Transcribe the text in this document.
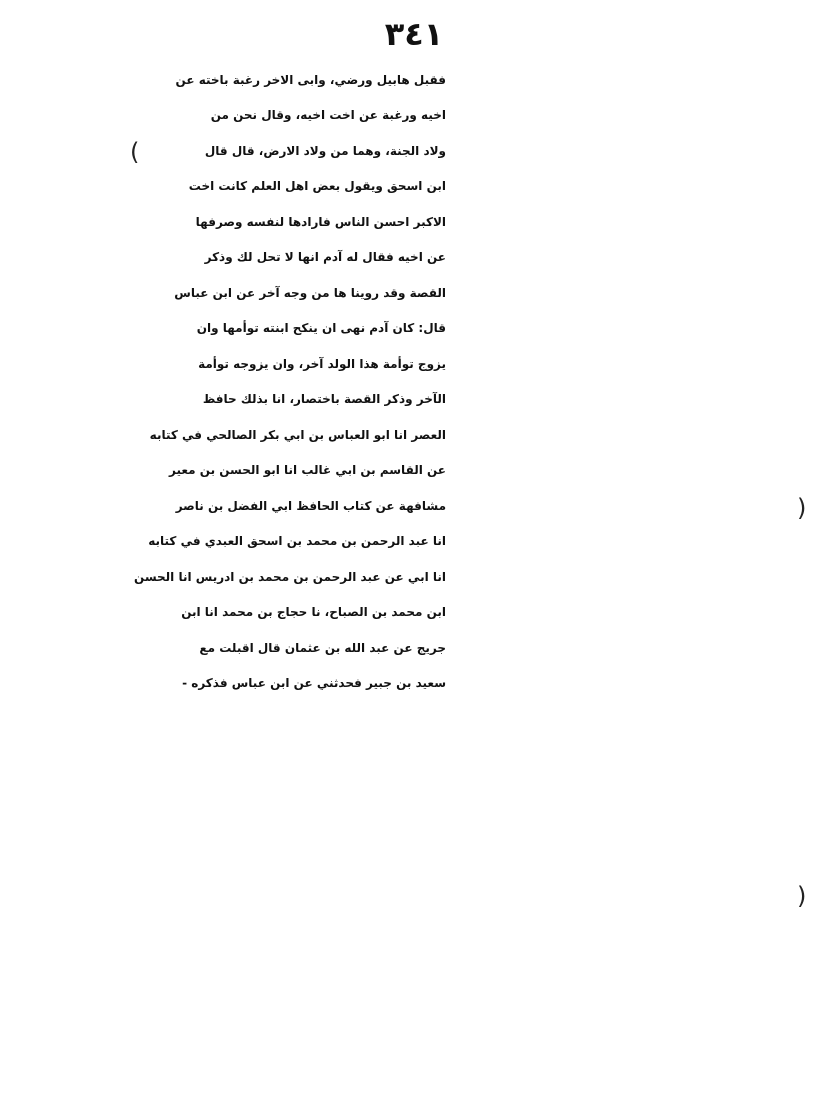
٣٤١
فقبل هابيل ورضي، وابى الاخر رغبة باخته عن
اخيه ورغبة عن اخت اخيه، وقال نحن من
ولاد الجنة، وهما من ولاد الارض، قال قال
ابن اسحق ويقول بعض اهل العلم كانت اخت
الاكبر احسن الناس فارادها لنفسه وصرفها
عن اخيه فقال له آدم انها لا تحل لك وذكر
القصة وقد روينا ها من وجه آخر عن ابن عباس
قال: كان آدم نهى ان ينكح ابنته توأمها وان
يزوج توأمة هذا الولد آخر، وان يزوجه توأمة
الآخر وذكر القصة باختصار، انا بذلك حافظ
العصر انا ابو العباس بن ابي بكر الصالحي في كتابه
عن القاسم بن ابي غالب انا ابو الحسن بن معير
مشافهة عن كتاب الحافظ ابي الفضل بن ناصر
انا عبد الرحمن بن محمد بن اسحق العبدي في كتابه
انا ابي عن عبد الرحمن بن محمد بن ادريس انا الحسن
ابن محمد بن الصباح، نا حجاج بن محمد انا ابن
جريج عن عبد الله بن عثمان قال اقبلت مع
سعيد بن جبير فحدثني عن ابن عباس فذكره -
(
)
)
